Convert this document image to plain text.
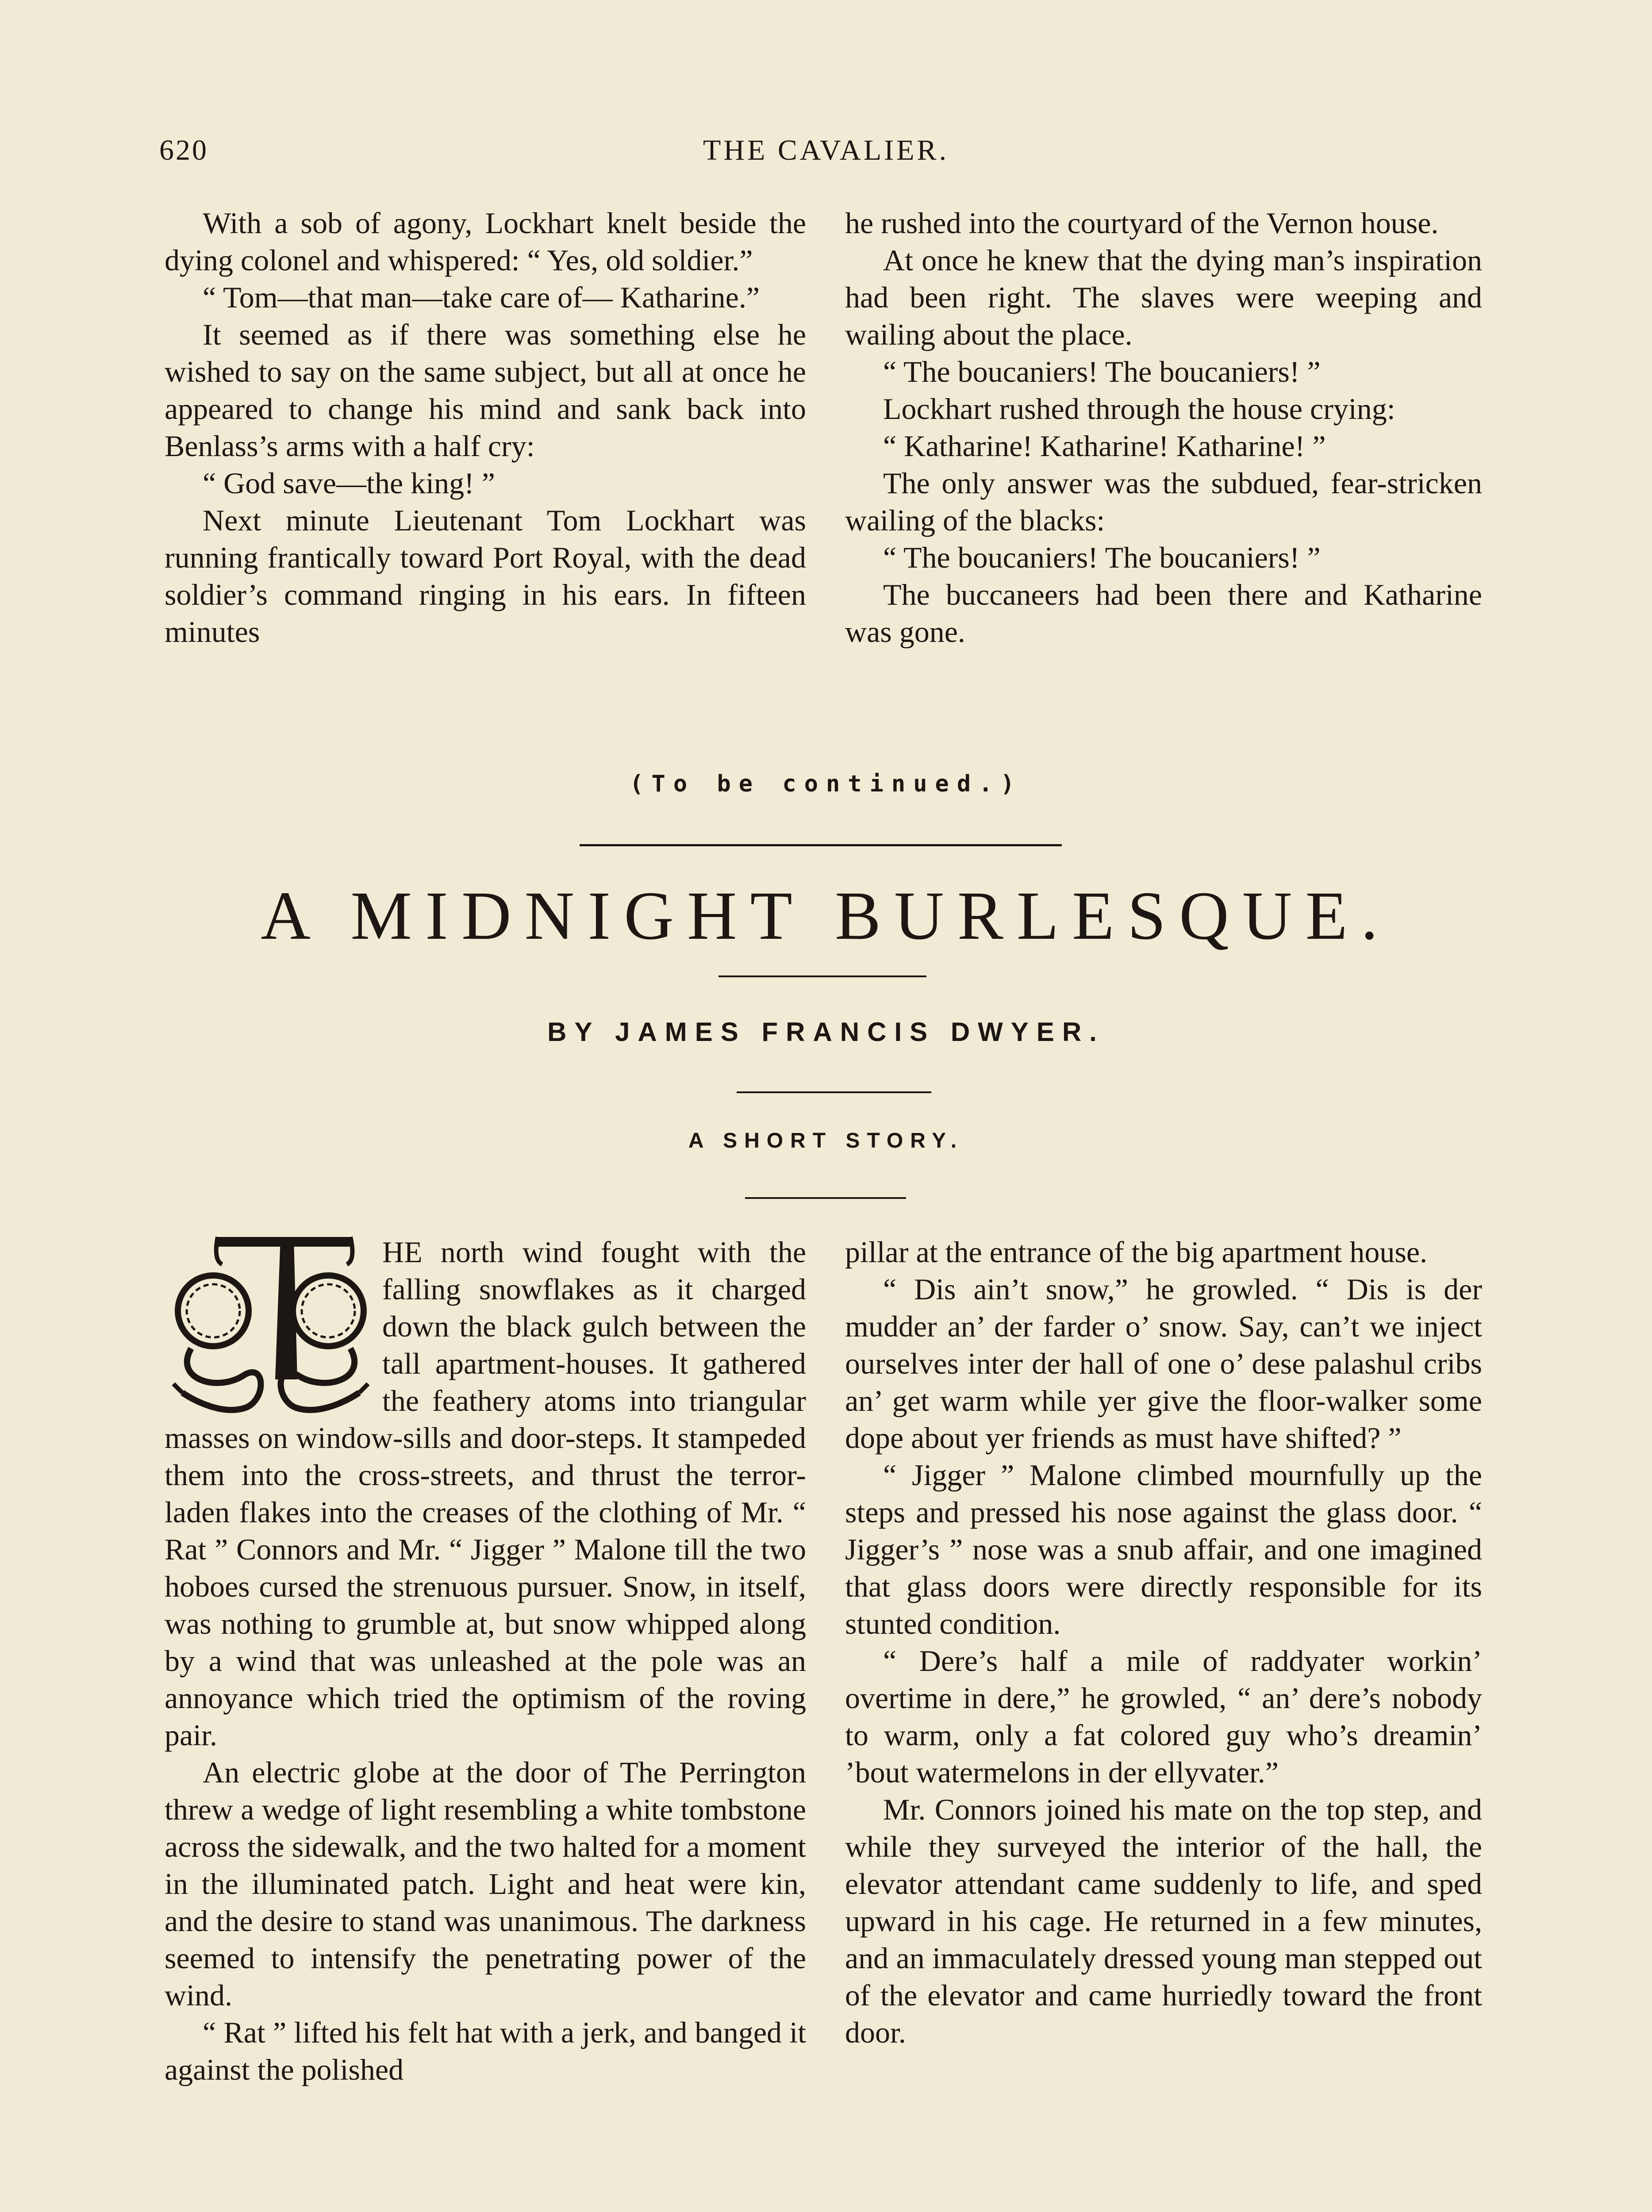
620	THE CAVALIER.

With a sob of agony, Lockhart knelt beside the dying colonel and whispered: “ Yes, old soldier.”

“ Tom—that man—take care of— Katharine.”

It seemed as if there was something else he wished to say on the same subject, but all at once he appeared to change his mind and sank back into Benlass’s arms with a half cry:

“ God save—the king! ”

Next minute Lieutenant Tom Lockhart was running frantically toward Port Royal, with the dead soldier’s command ringing in his ears. In fifteen minutes

he rushed into the courtyard of the Vernon house.

At once he knew that the dying man’s inspiration had been right. The slaves were weeping and wailing about the place.

“ The boucaniers! The boucaniers! ”

Lockhart rushed through the house crying:

“ Katharine! Katharine! Katharine! ”

The only answer was the subdued, fear-stricken wailing of the blacks:

“ The boucaniers! The boucaniers! ”

The buccaneers had been there and Katharine was gone.

(To be continued.)
A MIDNIGHT BURLESQUE.
BY JAMES FRANCIS DWYER.
A SHORT STORY.
T

HE north wind fought with the falling snowflakes as it charged down the black gulch between the tall apartment-houses. It gathered the feathery atoms into triangular masses on window-sills and door-steps. It stampeded them into the cross-streets, and thrust the terror-laden flakes into the creases of the clothing of Mr. “ Rat ” Connors and Mr. “ Jigger ” Malone till the two hoboes cursed the strenuous pursuer. Snow, in itself, was nothing to grumble at, but snow whipped along by a wind that was unleashed at the pole was an annoyance which tried the optimism of the roving pair.

An electric globe at the door of The Perrington threw a wedge of light resembling a white tombstone across the sidewalk, and the two halted for a moment in the illuminated patch. Light and heat were kin, and the desire to stand was unanimous. The darkness seemed to intensify the penetrating power of the wind.

“ Rat ” lifted his felt hat with a jerk, and banged it against the polished

pillar at the entrance of the big apartment house.

“ Dis ain’t snow,” he growled. “ Dis is der mudder an’ der farder o’ snow. Say, can’t we inject ourselves inter der hall of one o’ dese palashul cribs an’ get warm while yer give the floor-walker some dope about yer friends as must have shifted? ”

“ Jigger ” Malone climbed mournfully up the steps and pressed his nose against the glass door. “ Jigger’s ” nose was a snub affair, and one imagined that glass doors were directly responsible for its stunted condition.

“ Dere’s half a mile of raddyater workin’ overtime in dere,” he growled, “ an’ dere’s nobody to warm, only a fat colored guy who’s dreamin’ ’bout watermelons in der ellyvater.”

Mr. Connors joined his mate on the top step, and while they surveyed the interior of the hall, the elevator attendant came suddenly to life, and sped upward in his cage. He returned in a few minutes, and an immaculately dressed young man stepped out of the elevator and came hurriedly toward the front door.
